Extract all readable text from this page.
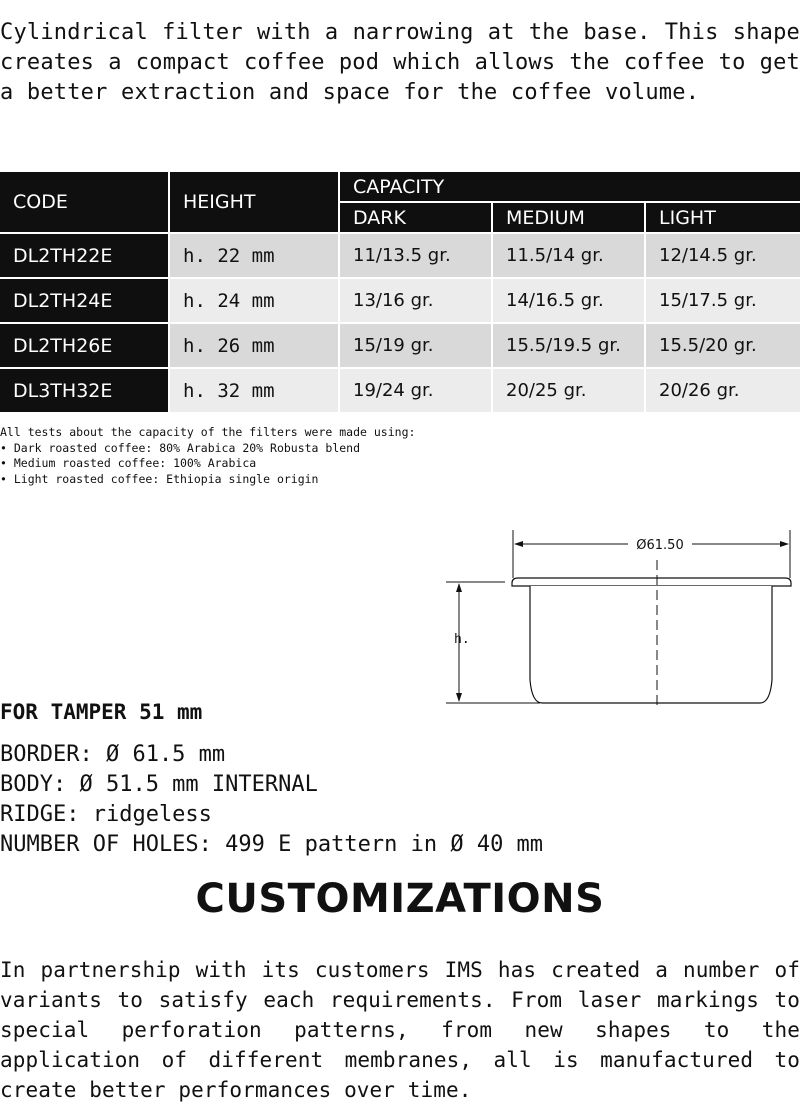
Cylindrical filter with a narrowing at the base. This shape creates a compact coffee pod which allows the coffee to get a better extraction and space for the coffee volume.

CODE	HEIGHT	CAPACITY		
		DARK	MEDIUM	LIGHT
DL2TH22E	h. 22 mm	11/13.5 gr.	11.5/14 gr.	12/14.5 gr.
DL2TH24E	h. 24 mm	13/16 gr.	14/16.5 gr.	15/17.5 gr.
DL2TH26E	h. 26 mm	15/19 gr.	15.5/19.5 gr.	15.5/20 gr.
DL3TH32E	h. 32 mm	19/24 gr.	20/25 gr.	20/26 gr.
All tests about the capacity of the filters were made using:
• Dark roasted coffee: 80% Arabica 20% Robusta blend
• Medium roasted coffee: 100% Arabica
• Light roasted coffee: Ethiopia single origin
Ø61.50
h.

FOR TAMPER 51 mm

BORDER: Ø 61.5 mm
BODY: Ø 51.5 mm INTERNAL
RIDGE: ridgeless
NUMBER OF HOLES: 499 E pattern in Ø 40 mm
CUSTOMIZATIONS

In partnership with its customers IMS has created a number of variants to satisfy each requirements. From laser markings to special perforation patterns, from new shapes to the application of different membranes, all is manufactured to create better performances over time.
